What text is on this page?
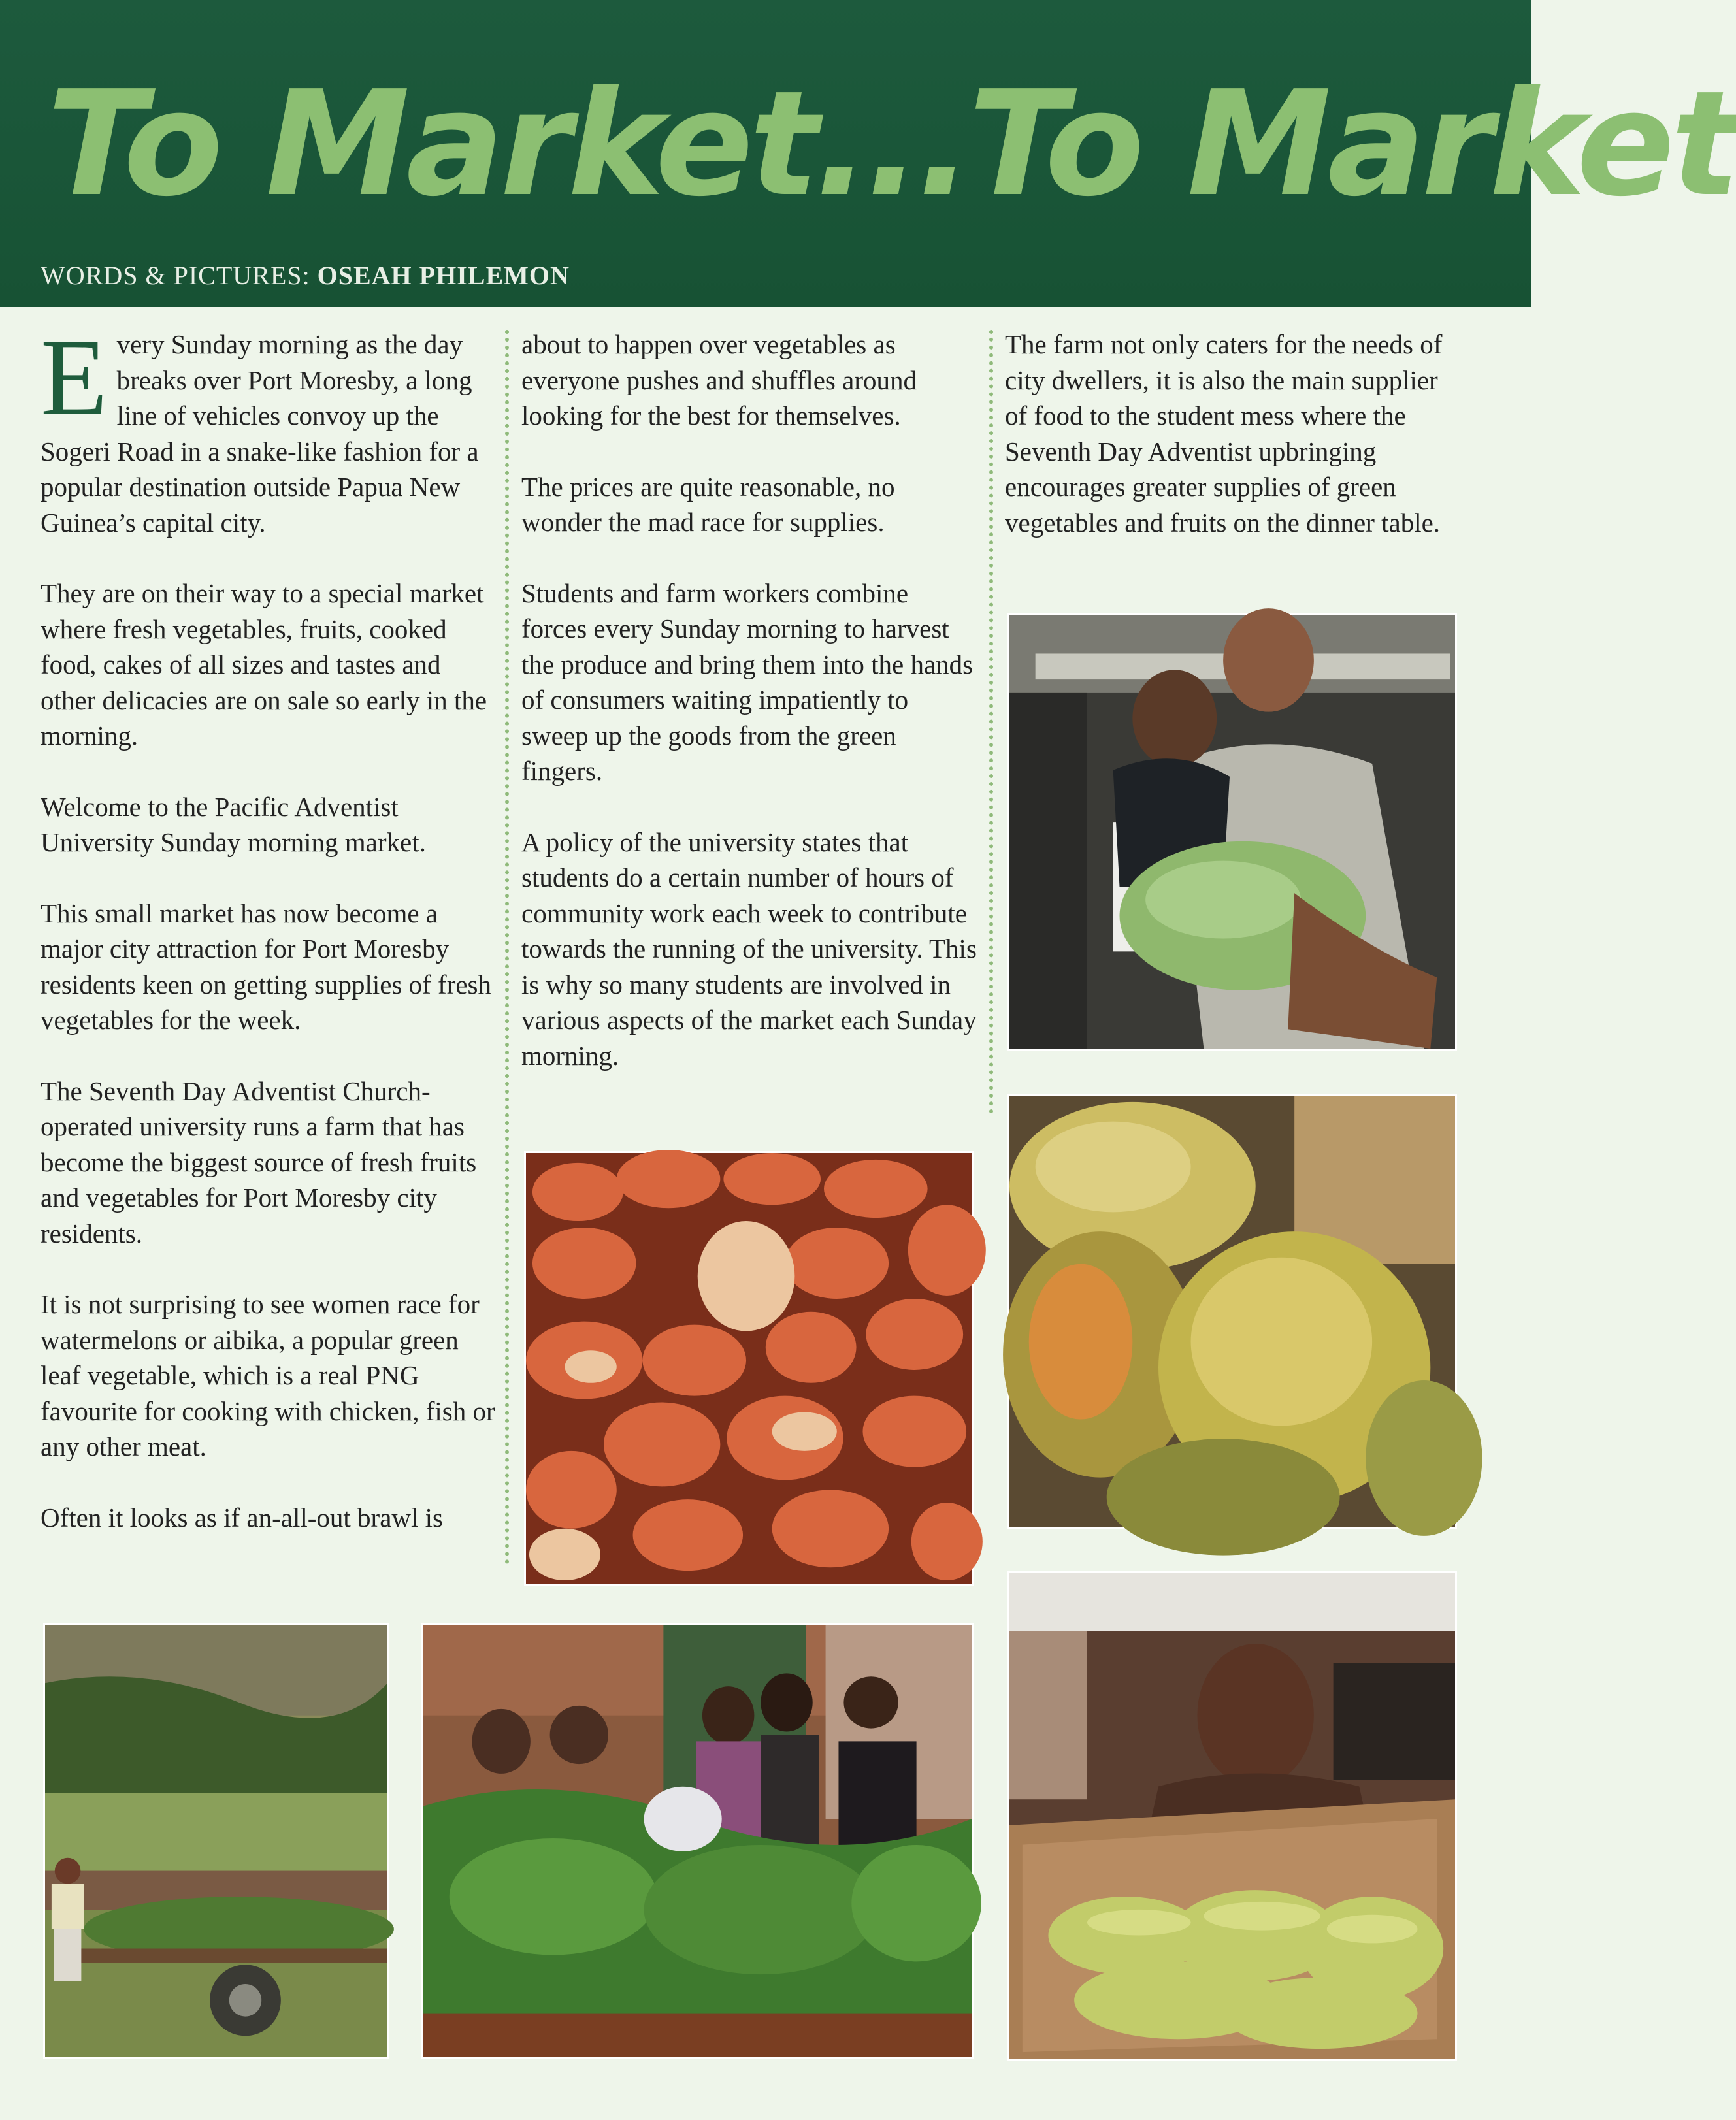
To Market...To Market
WORDS & PICTURES: OSEAH PHILEMON

Every Sunday morning as the day breaks over Port Moresby, a long line of vehicles convoy up the Sogeri Road in a snake-like fashion for a popular destination outside Papua New Guinea’s capital city.

They are on their way to a special market where fresh vegetables, fruits, cooked food, cakes of all sizes and tastes and other delicacies are on sale so early in the morning.

Welcome to the Pacific Adventist University Sunday morning market.

This small market has now become a major city attraction for Port Moresby residents keen on getting supplies of fresh vegetables for the week.

The Seventh Day Adventist Church-operated university runs a farm that has become the biggest source of fresh fruits and vegetables for Port Moresby city residents.

It is not surprising to see women race for watermelons or aibika, a popular green leaf vegetable, which is a real PNG favourite for cooking with chicken, fish or any other meat.

Often it looks as if an-all-out brawl is

about to happen over vegetables as everyone pushes and shuffles around looking for the best for themselves.

The prices are quite reasonable, no wonder the mad race for supplies.

Students and farm workers combine forces every Sunday morning to harvest the produce and bring them into the hands of consumers waiting impatiently to sweep up the goods from the green fingers.

A policy of the university states that students do a certain number of hours of community work each week to contribute towards the running of the university. This is why so many students are involved in various aspects of the market each Sunday morning.

The farm not only caters for the needs of city dwellers, it is also the main supplier of food to the student mess where the Seventh Day Adventist upbringing encourages greater supplies of green vegetables and fruits on the dinner table.
